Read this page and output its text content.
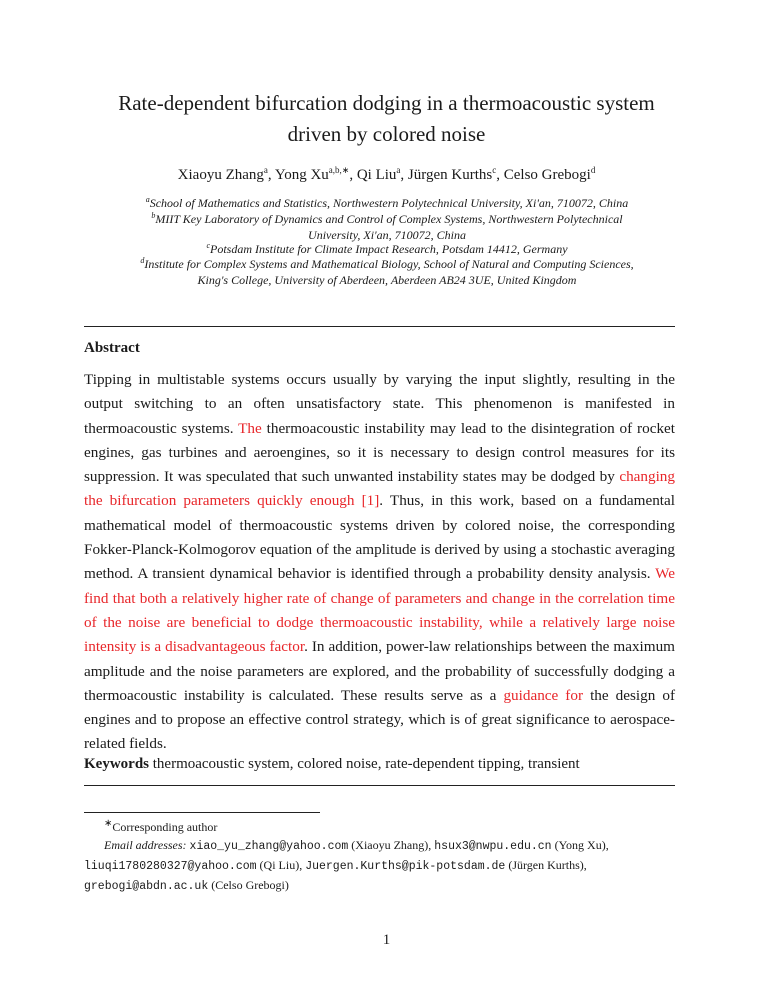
Rate-dependent bifurcation dodging in a thermoacoustic system
driven by colored noise
Xiaoyu Zhang$^a$, Yong $Xu^{a,b,∗}$, Qi Liu$^a$, Jürgen Kurths$^c$, Celso Grebogi$^d$
$^a$School of Mathematics and Statistics, Northwestern Polytechnical University, Xi'an, 710072, China
$^b$MIIT Key Laboratory of Dynamics and Control of Complex Systems, Northwestern Polytechnical
University, Xi'an, 710072, China
$^c$Potsdam Institute for Climate Impact Research, Potsdam 14412, Germany
$^d$Institute for Complex Systems and Mathematical Biology, School of Natural and Computing Sciences,
King's College, University of Aberdeen, Aberdeen AB24 3UE, United Kingdom
Abstract

Tipping in multistable systems occurs usually by varying the input slightly, resulting in the output switching to an often unsatisfactory state. This phenomenon is manifested in thermoacoustic systems. The thermoacoustic instability may lead to the disintegration of rocket engines, gas turbines and aeroengines, so it is necessary to design control measures for its suppression. It was speculated that such unwanted instability states may be dodged by changing the bifurcation parameters quickly enough [1]. Thus, in this work, based on a fundamental mathematical model of thermoacoustic systems driven by colored noise, the corresponding Fokker-Planck-Kolmogorov equation of the amplitude is derived by using a stochastic averaging method. A transient dynamical behavior is identified through a probability density analysis. We find that both a relatively higher rate of change of parameters and change in the correlation time of the noise are beneficial to dodge thermoacoustic instability, while a relatively large noise intensity is a disadvantageous factor. In addition, power-law relationships between the maximum amplitude and the noise parameters are explored, and the probability of successfully dodging a thermoacoustic instability is calculated. These results serve as a guidance for the design of engines and to propose an effective control strategy, which is of great significance to aerospace-related fields.

Keywords thermoacoustic system, colored noise, rate-dependent tipping, transient
∗Corresponding author
Email addresses: xiao_yu_zhang@yahoo.com (Xiaoyu Zhang), hsux3@nwpu.edu.cn (Yong Xu),
liuqi1780280327@yahoo.com (Qi Liu), Juergen.Kurths@pik-potsdam.de (Jürgen Kurths),
grebogi@abdn.ac.uk (Celso Grebogi)
1
